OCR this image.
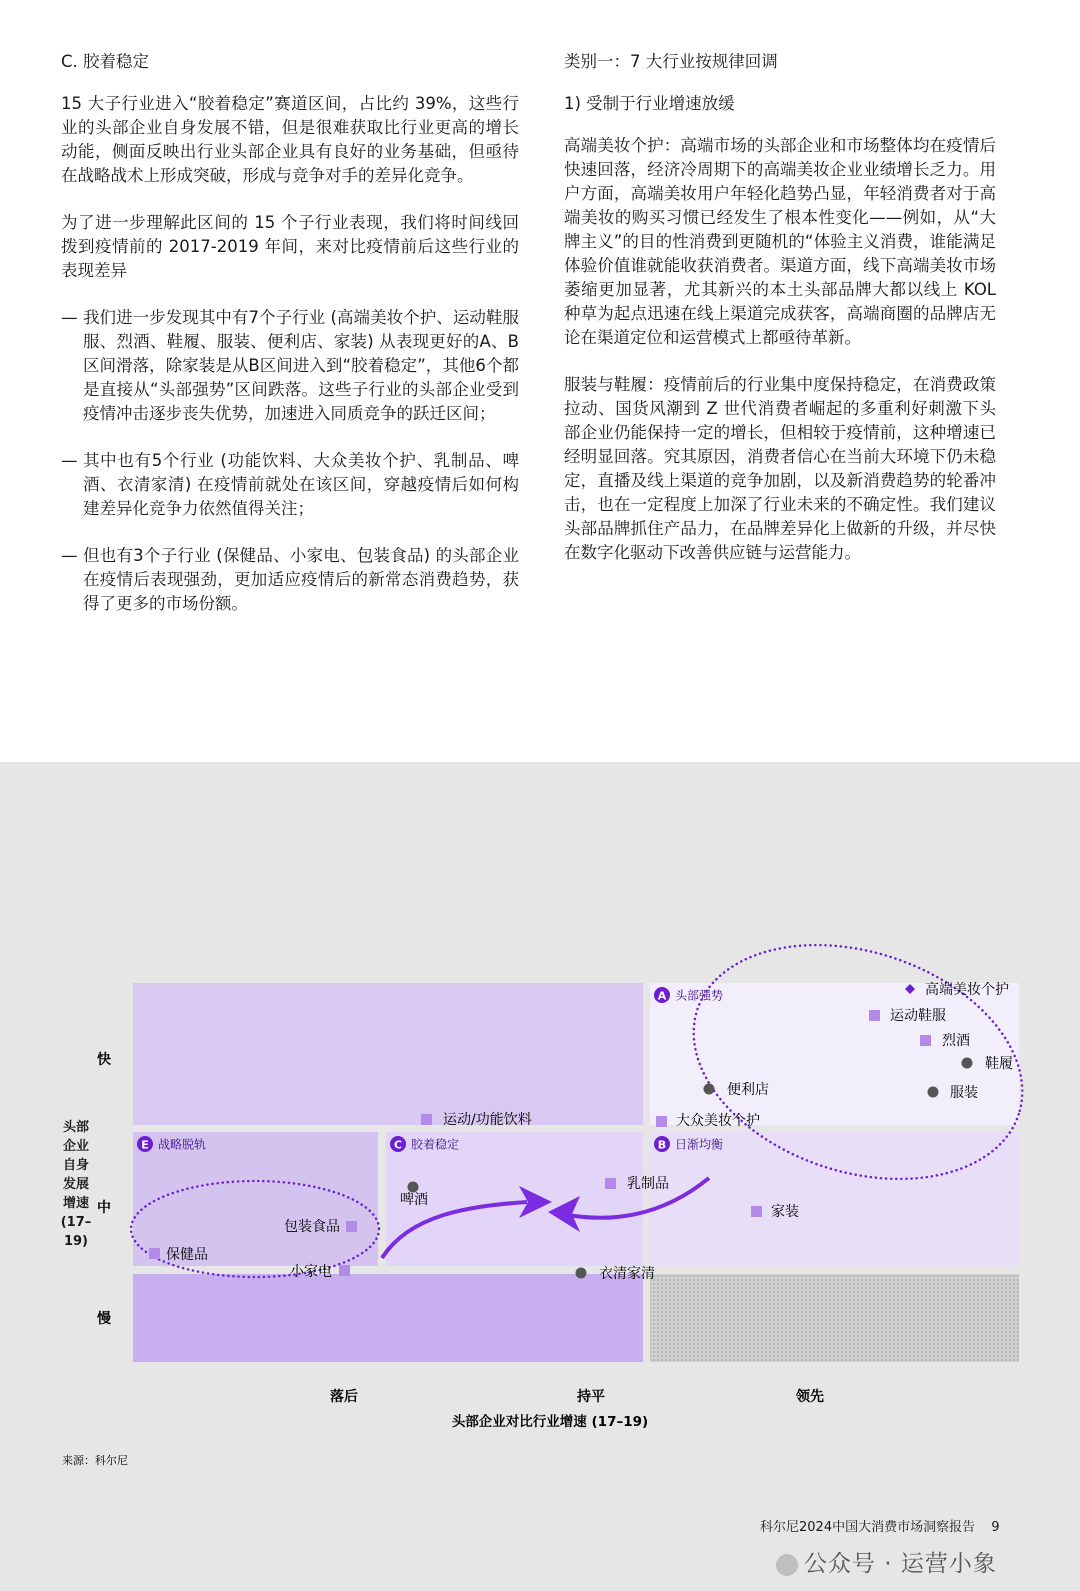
C. 胶着稳定

15 大子行业进入“胶着稳定”赛道区间，占比约 39%，这些行业的头部企业自身发展不错，但是很难获取比行业更高的增长动能，侧面反映出行业头部企业具有良好的业务基础，但亟待在战略战术上形成突破，形成与竞争对手的差异化竞争。

为了进一步理解此区间的 15 个子行业表现，我们将时间线回拨到疫情前的 2017-2019 年间，来对比疫情前后这些行业的表现差异

— 我们进一步发现其中有7个子行业 (高端美妆个护、运动鞋服服、烈酒、鞋履、服装、便利店、家装) 从表现更好的A、B区间滑落，除家装是从B区间进入到“胶着稳定”，其他6个都是直接从“头部强势”区间跌落。这些子行业的头部企业受到疫情冲击逐步丧失优势，加速进入同质竞争的跃迁区间；
— 其中也有5个行业 (功能饮料、大众美妆个护、乳制品、啤酒、衣清家清) 在疫情前就处在该区间，穿越疫情后如何构建差异化竞争力依然值得关注；
— 但也有3个子行业 (保健品、小家电、包装食品) 的头部企业在疫情后表现强劲，更加适应疫情后的新常态消费趋势，获得了更多的市场份额。
类别一：7 大行业按规律回调
1) 受制于行业增速放缓

高端美妆个护：高端市场的头部企业和市场整体均在疫情后快速回落，经济冷周期下的高端美妆企业业绩增长乏力。用户方面，高端美妆用户年轻化趋势凸显，年轻消费者对于高端美妆的购买习惯已经发生了根本性变化——例如，从“大牌主义”的目的性消费到更随机的“体验主义消费，谁能满足体验价值谁就能收获消费者。渠道方面，线下高端美妆市场萎缩更加显著，尤其新兴的本土头部品牌大都以线上 KOL 种草为起点迅速在线上渠道完成获客，高端商圈的品牌店无论在渠道定位和运营模式上都亟待革新。

服装与鞋履：疫情前后的行业集中度保持稳定，在消费政策拉动、国货风潮到 Z 世代消费者崛起的多重利好刺激下头部企业仍能保持一定的增长，但相较于疫情前，这种增速已经明显回落。究其原因，消费者信心在当前大环境下仍未稳定，直播及线上渠道的竞争加剧，以及新消费趋势的轮番冲击，也在一定程度上加深了行业未来的不确定性。我们建议头部品牌抓住产品力，在品牌差异化上做新的升级，并尽快在数字化驱动下改善供应链与运营能力。

A 头部强势
B 日渐均衡
C 胶着稳定
E 战略脱轨
高端美妆个护
运动鞋服
烈酒
鞋履
便利店	服装
大众美妆个护
运动/功能饮料
乳制品
家装
啤酒
衣清家清
包装食品
保健品
小家电
快
中
慢
落后	持平	领先
头部企业对比行业增速 (17–19)
来源：科尔尼
头部企业自身发展增速 (17–19)
科尔尼2024中国大消费市场洞察报告 9
公众号 · 运营小象
